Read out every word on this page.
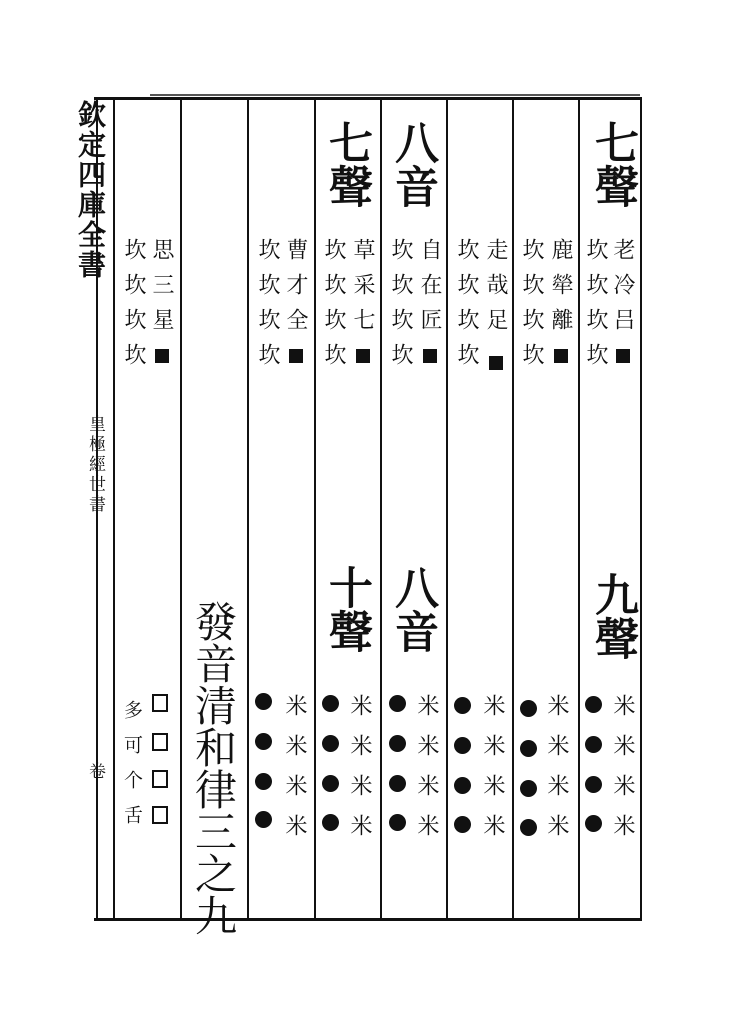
欽定四庫全書
皇極經世書
卷
七聲
八音
七聲
老冷吕
坎坎坎坎
鹿犖離
坎坎坎坎
走哉足
坎坎坎坎
自在匠
坎坎坎坎
草采七
坎坎坎坎
曹才全
坎坎坎坎
思三星
坎坎坎坎
九聲
八音
十聲
米米米米
米米米米
米米米米
米米米米
米米米米
米米米米
發音清和律三之九
多可个舌
